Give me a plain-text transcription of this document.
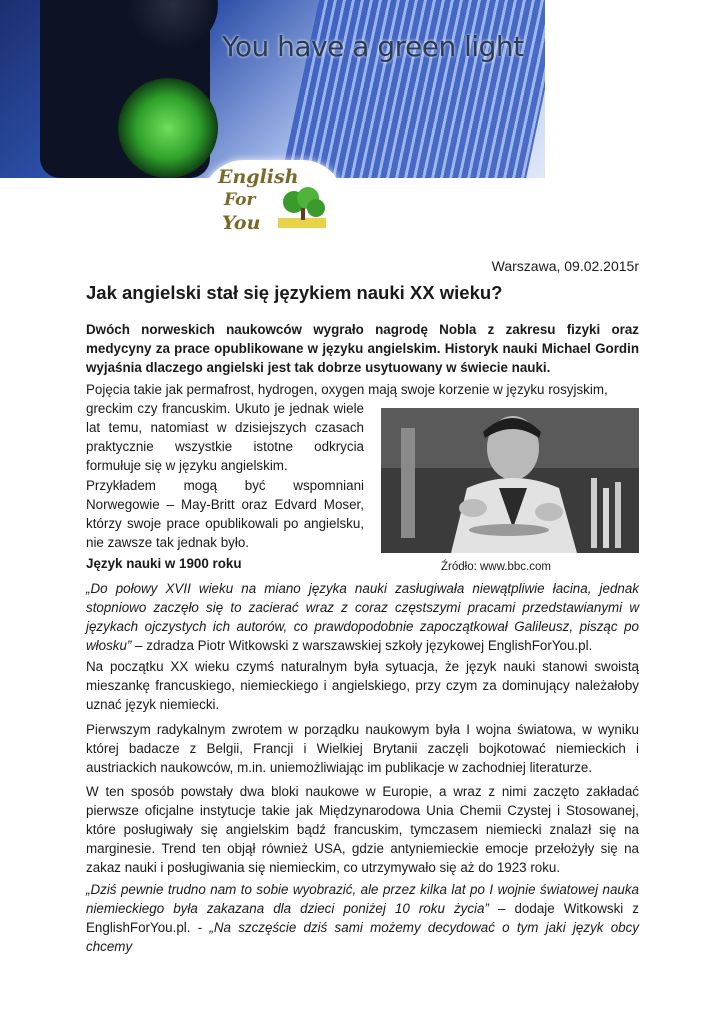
You have a green light
English
For
You
Warszawa, 09.02.2015r
Jak angielski stał się językiem nauki XX wieku?

Dwóch norweskich naukowców wygrało nagrodę Nobla z zakresu fizyki oraz medycyny za prace opublikowane w języku angielskim. Historyk nauki Michael Gordin wyjaśnia dlaczego angielski jest tak dobrze usytuowany w świecie nauki.

Pojęcia takie jak permafrost, hydrogen, oxygen mają swoje korzenie w języku rosyjskim,

greckim czy francuskim. Ukuto je jednak wiele lat temu, natomiast w dzisiejszych czasach praktycznie wszystkie istotne odkrycia formułuje się w języku angielskim.

Przykładem mogą być wspomniani Norwegowie – May-Britt oraz Edvard Moser, którzy swoje prace opublikowali po angielsku, nie zawsze tak jednak było.

Źródło: www.bbc.com
Język nauki w 1900 roku

„Do połowy XVII wieku na miano języka nauki zasługiwała niewątpliwie łacina, jednak stopniowo zaczęło się to zacierać wraz z coraz częstszymi pracami przedstawianymi w językach ojczystych ich autorów, co prawdopodobnie zapoczątkował Galileusz, pisząc po włosku” – zdradza Piotr Witkowski z warszawskiej szkoły językowej EnglishForYou.pl.

Na początku XX wieku czymś naturalnym była sytuacja, że język nauki stanowi swoistą mieszankę francuskiego, niemieckiego i angielskiego, przy czym za dominujący należałoby uznać język niemiecki.

Pierwszym radykalnym zwrotem w porządku naukowym była I wojna światowa, w wyniku której badacze z Belgii, Francji i Wielkiej Brytanii zaczęli bojkotować niemieckich i austriackich naukowców, m.in. uniemożliwiając im publikacje w zachodniej literaturze.

W ten sposób powstały dwa bloki naukowe w Europie, a wraz z nimi zaczęto zakładać pierwsze oficjalne instytucje takie jak Międzynarodowa Unia Chemii Czystej i Stosowanej, które posługiwały się angielskim bądź francuskim, tymczasem niemiecki znalazł się na marginesie. Trend ten objął również USA, gdzie antyniemieckie emocje przełożyły się na zakaz nauki i posługiwania się niemieckim, co utrzymywało się aż do 1923 roku.

„Dziś pewnie trudno nam to sobie wyobrazić, ale przez kilka lat po I wojnie światowej nauka niemieckiego była zakazana dla dzieci poniżej 10 roku życia” – dodaje Witkowski z EnglishForYou.pl. - „Na szczęście dziś sami możemy decydować o tym jaki język obcy chcemy
